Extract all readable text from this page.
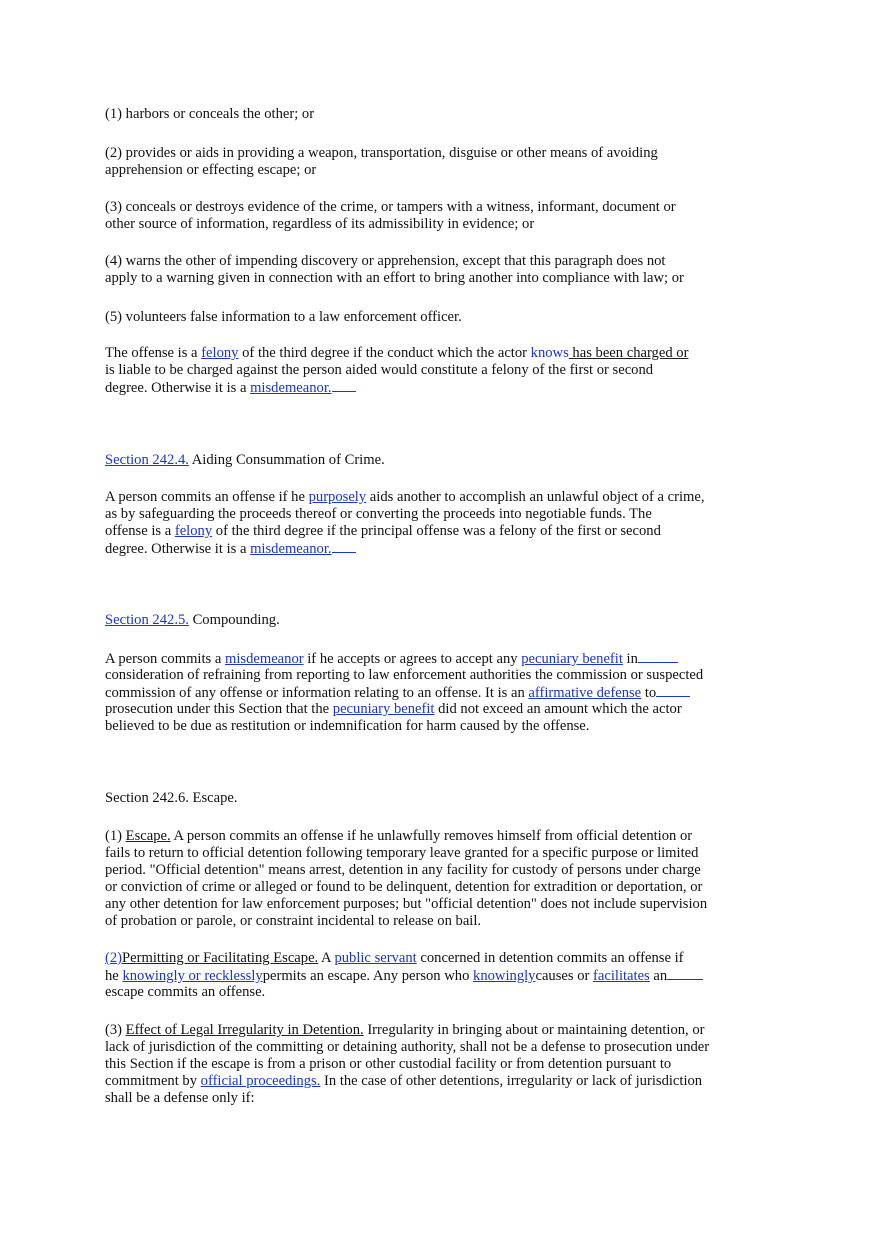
(1) harbors or conceals the other; or
(2) provides or aids in providing a weapon, transportation, disguise or other means of avoiding
apprehension or effecting escape; or
(3) conceals or destroys evidence of the crime, or tampers with a witness, informant, document or
other source of information, regardless of its admissibility in evidence; or
(4) warns the other of impending discovery or apprehension, except that this paragraph does not
apply to a warning given in connection with an effort to bring another into compliance with law; or
(5) volunteers false information to a law enforcement officer.
The offense is a felony of the third degree if the conduct which the actor knows has been charged or
is liable to be charged against the person aided would constitute a felony of the first or second
degree. Otherwise it is a misdemeanor.
Section 242.4. Aiding Consummation of Crime.
A person commits an offense if he purposely aids another to accomplish an unlawful object of a crime,
as by safeguarding the proceeds thereof or converting the proceeds into negotiable funds. The
offense is a felony of the third degree if the principal offense was a felony of the first or second
degree. Otherwise it is a misdemeanor.
Section 242.5. Compounding.
A person commits a misdemeanor if he accepts or agrees to accept any pecuniary benefit in
consideration of refraining from reporting to law enforcement authorities the commission or suspected
commission of any offense or information relating to an offense. It is an affirmative defense to
prosecution under this Section that the pecuniary benefit did not exceed an amount which the actor
believed to be due as restitution or indemnification for harm caused by the offense.
Section 242.6. Escape.
(1) Escape. A person commits an offense if he unlawfully removes himself from official detention or
fails to return to official detention following temporary leave granted for a specific purpose or limited
period. "Official detention" means arrest, detention in any facility for custody of persons under charge
or conviction of crime or alleged or found to be delinquent, detention for extradition or deportation, or
any other detention for law enforcement purposes; but "official detention" does not include supervision
of probation or parole, or constraint incidental to release on bail.
(2)Permitting or Facilitating Escape. A public servant concerned in detention commits an offense if
he knowingly or recklesslypermits an escape. Any person who knowinglycauses or facilitates an
escape commits an offense.
(3) Effect of Legal Irregularity in Detention. Irregularity in bringing about or maintaining detention, or
lack of jurisdiction of the committing or detaining authority, shall not be a defense to prosecution under
this Section if the escape is from a prison or other custodial facility or from detention pursuant to
commitment by official proceedings. In the case of other detentions, irregularity or lack of jurisdiction
shall be a defense only if:
